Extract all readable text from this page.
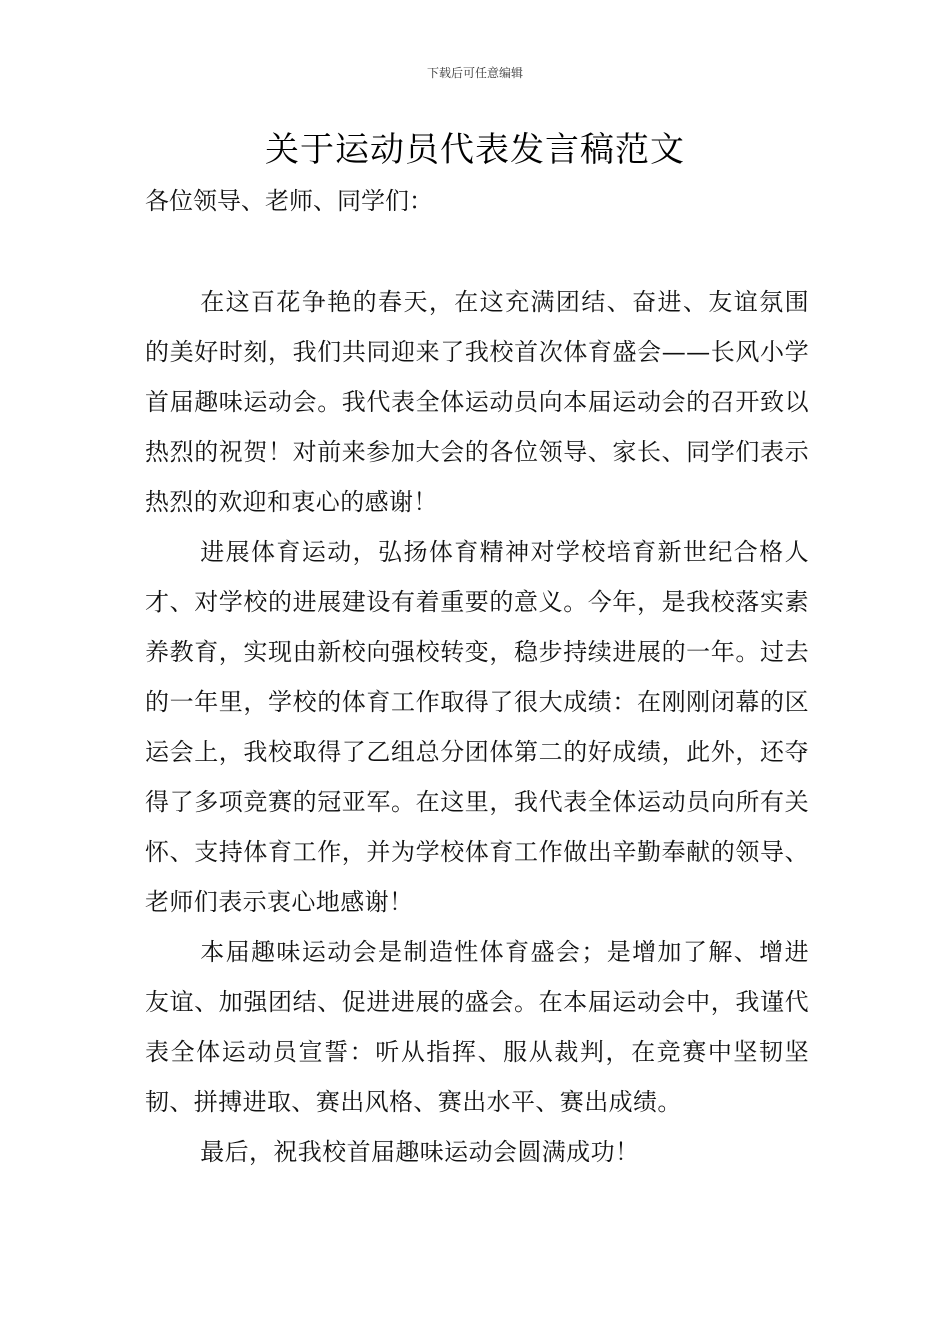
下载后可任意编辑
关于运动员代表发言稿范文
各位领导、老师、同学们：

在这百花争艳的春天，在这充满团结、奋进、友谊氛围的美好时刻，我们共同迎来了我校首次体育盛会——长风小学首届趣味运动会。我代表全体运动员向本届运动会的召开致以热烈的祝贺！对前来参加大会的各位领导、家长、同学们表示热烈的欢迎和衷心的感谢！

进展体育运动，弘扬体育精神对学校培育新世纪合格人才、对学校的进展建设有着重要的意义。今年，是我校落实素养教育，实现由新校向强校转变，稳步持续进展的一年。过去的一年里，学校的体育工作取得了很大成绩：在刚刚闭幕的区运会上，我校取得了乙组总分团体第二的好成绩，此外，还夺得了多项竞赛的冠亚军。在这里，我代表全体运动员向所有关怀、支持体育工作，并为学校体育工作做出辛勤奉献的领导、老师们表示衷心地感谢！

本届趣味运动会是制造性体育盛会；是增加了解、增进友谊、加强团结、促进进展的盛会。在本届运动会中，我谨代表全体运动员宣誓：听从指挥、服从裁判，在竞赛中坚韧坚韧、拼搏进取、赛出风格、赛出水平、赛出成绩。

最后，祝我校首届趣味运动会圆满成功！
